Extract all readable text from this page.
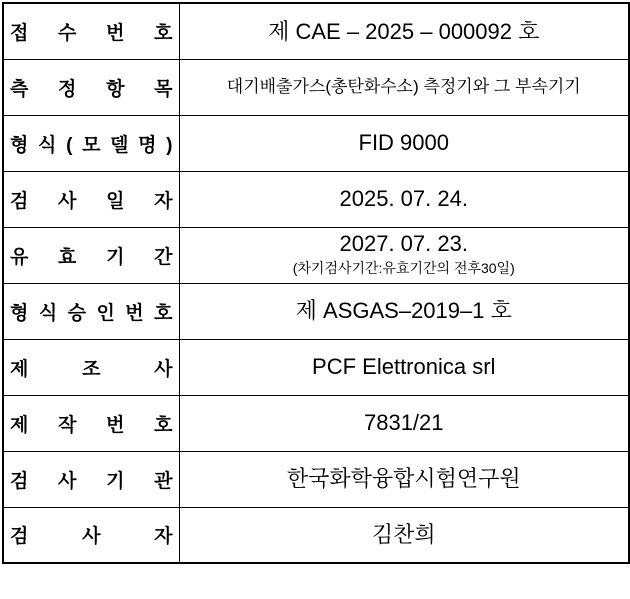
접 수 번 호	제 CAE – 2025 – 000092 호
측 정 항 목	대기배출가스(총탄화수소) 측정기와 그 부속기기
형 식 ( 모 델 명 )	FID 9000
검 사 일 자	2025. 07. 24.
유 효 기 간	2027. 07. 23.
(차기검사기간:유효기간의 전후30일)

형 식 승 인 번 호	제 ASGAS–2019–1 호
제 조 사	PCF Elettronica srl
제 작 번 호	7831/21
검 사 기 관	한국화학융합시험연구원
검 사 자	김찬희
